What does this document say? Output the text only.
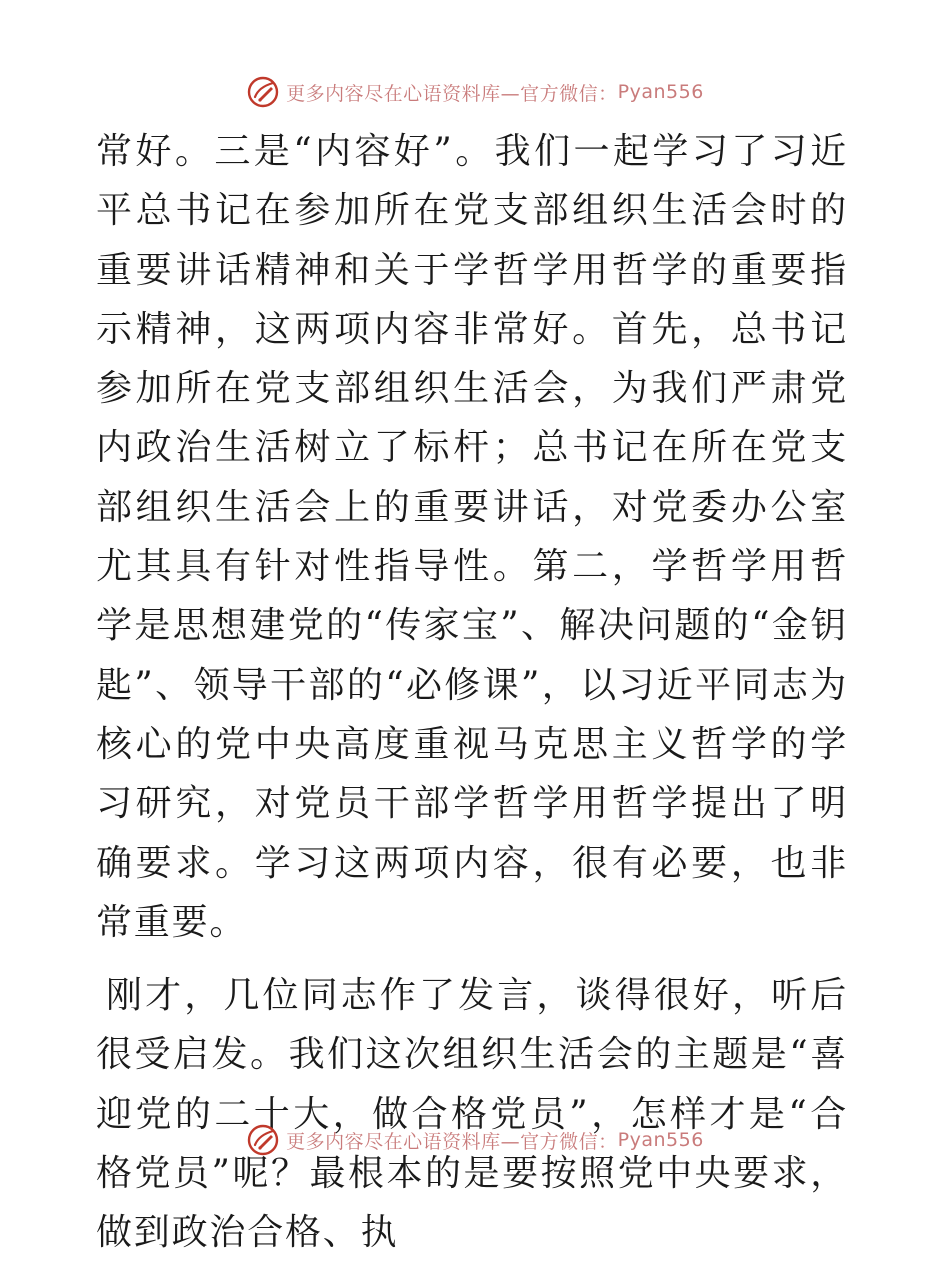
更多内容尽在心语资料库—官方微信： Pyan556

常好。三是“内容好”。我们一起学习了习近平总书记在参加所在党支部组织生活会时的重要讲话精神和关于学哲学用哲学的重要指示精神，这两项内容非常好。首先，总书记参加所在党支部组织生活会，为我们严肃党内政治生活树立了标杆；总书记在所在党支部组织生活会上的重要讲话，对党委办公室尤其具有针对性指导性。第二，学哲学用哲学是思想建党的“传家宝”、解决问题的“金钥匙”、领导干部的“必修课”，以习近平同志为核心的党中央高度重视马克思主义哲学的学习研究，对党员干部学哲学用哲学提出了明确要求。学习这两项内容，很有必要，也非常重要。

刚才，几位同志作了发言，谈得很好，听后很受启发。我们这次组织生活会的主题是“喜迎党的二十大，做合格党员”，怎样才是“合格党员”呢？最根本的是要按照党中央要求，做到政治合格、执

更多内容尽在心语资料库—官方微信： Pyan556
